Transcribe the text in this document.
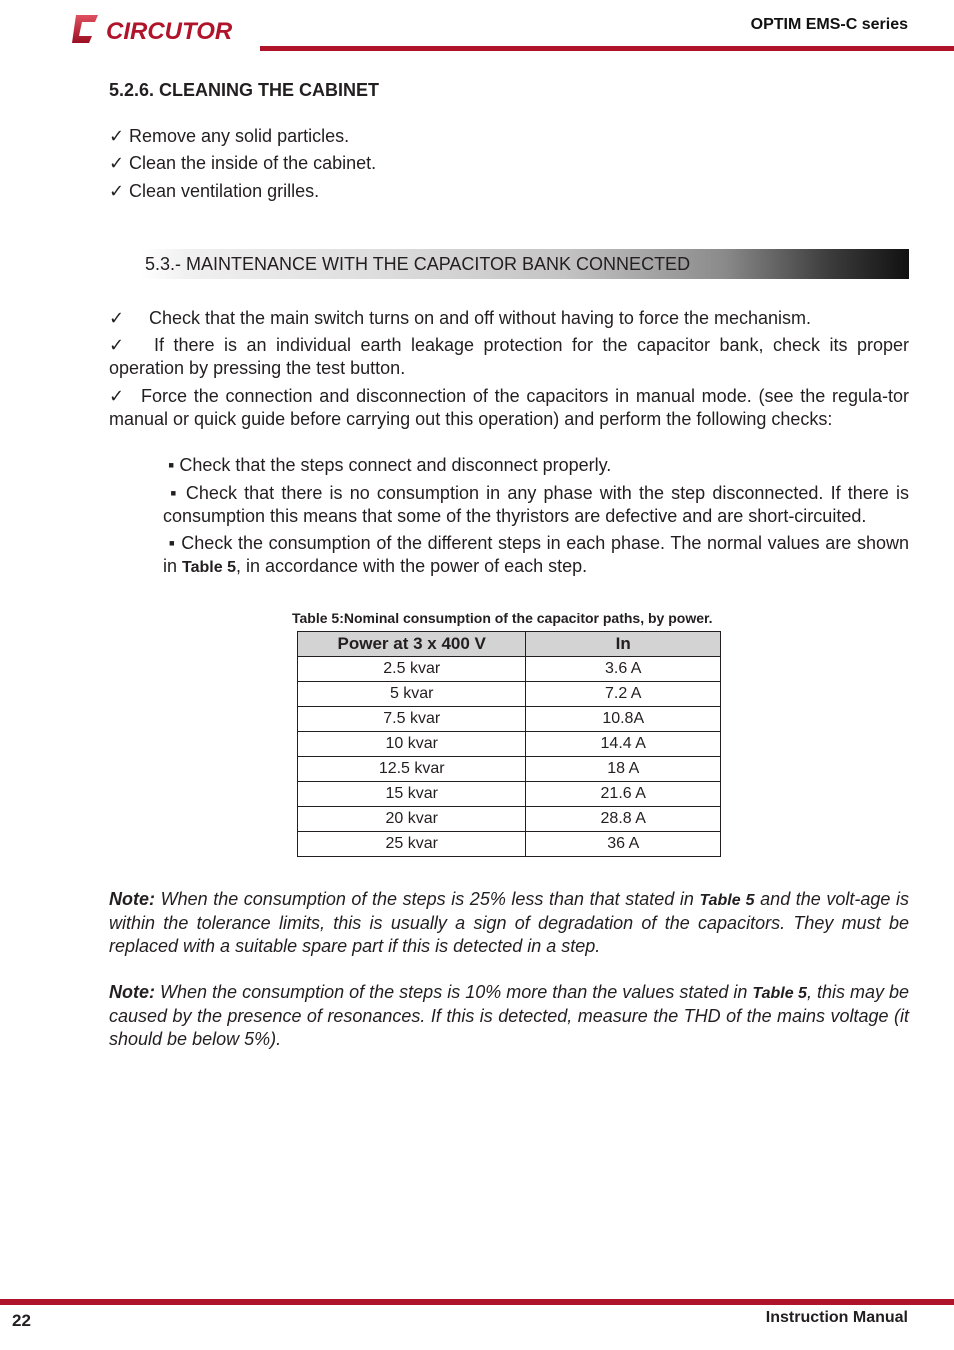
CIRCUTOR	OPTIM EMS-C series
5.2.6. CLEANING THE CABINET
✓ Remove any solid particles.
✓ Clean the inside of the cabinet.
✓ Clean ventilation grilles.
5.3.- MAINTENANCE WITH THE CAPACITOR BANK CONNECTED
✓ Check that the main switch turns on and off without having to force the mechanism.
✓ If there is an individual earth leakage protection for the capacitor bank, check its proper operation by pressing the test button.
✓ Force the connection and disconnection of the capacitors in manual mode. (see the regula-tor manual or quick guide before carrying out this operation) and perform the following checks:
▪ Check that the steps connect and disconnect properly.
▪ Check that there is no consumption in any phase with the step disconnected. If there is consumption this means that some of the thyristors are defective and are short-circuited.
▪ Check the consumption of the different steps in each phase. The normal values are shown in Table 5, in accordance with the power of each step.
Table 5:Nominal consumption of the capacitor paths, by power.
Power at 3 x 400 V	In
2.5 kvar	3.6 A
5 kvar	7.2 A
7.5 kvar	10.8A
10 kvar	14.4 A
12.5 kvar	18 A
15 kvar	21.6 A
20 kvar	28.8 A
25 kvar	36 A
Note: When the consumption of the steps is 25% less than that stated in Table 5 and the volt-age is within the tolerance limits, this is usually a sign of degradation of the capacitors. They must be replaced with a suitable spare part if this is detected in a step.
Note: When the consumption of the steps is 10% more than the values stated in Table 5, this may be caused by the presence of resonances. If this is detected, measure the THD of the mains voltage (it should be below 5%).
22	Instruction Manual
